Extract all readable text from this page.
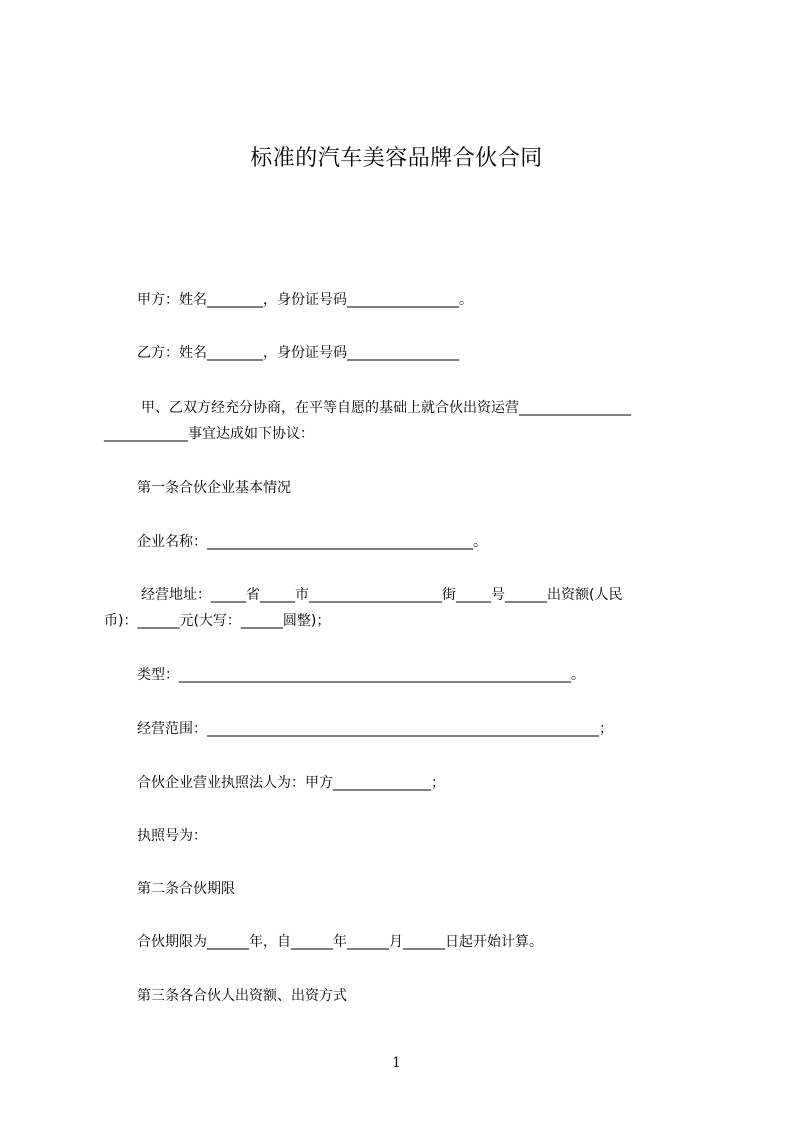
标准的汽车美容品牌合伙合同
甲方：姓名________，身份证号码________________。
乙方：姓名________，身份证号码________________
甲、乙双方经充分协商，在平等自愿的基础上就合伙出资运营________________
____________事宜达成如下协议：
第一条合伙企业基本情况
企业名称：______________________________________。
经营地址：_____省_____市___________________街_____号______出资额(人民
币)：______元(大写：______圆整)；
类型：________________________________________________________。
经营范围：________________________________________________________；
合伙企业营业执照法人为：甲方______________；
执照号为：
第二条合伙期限
合伙期限为______年，自______年______月______日起开始计算。
第三条各合伙人出资额、出资方式
1
